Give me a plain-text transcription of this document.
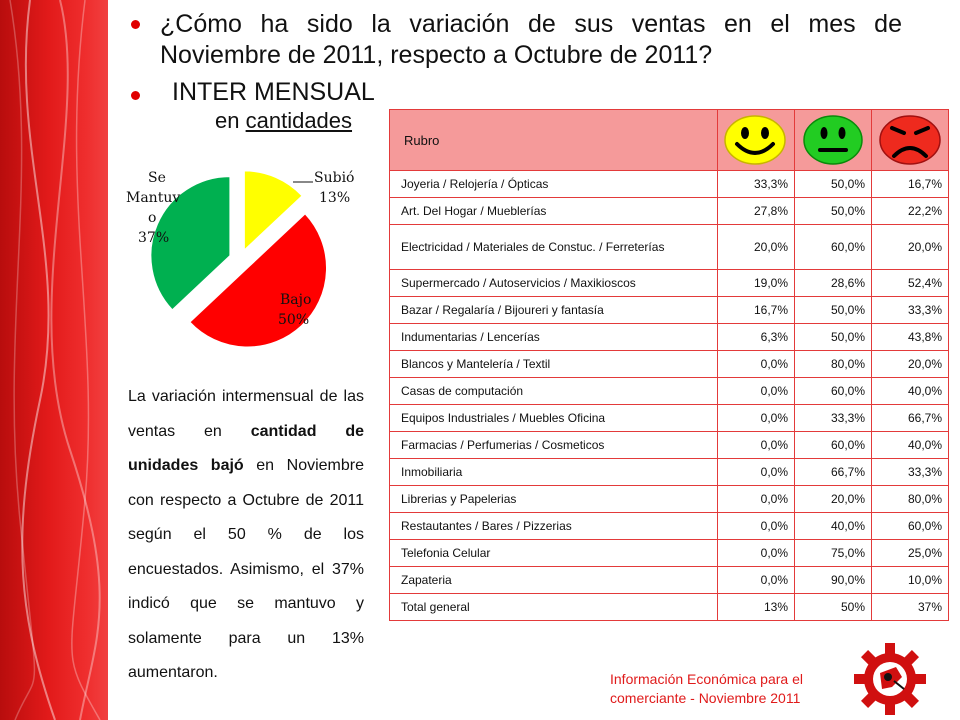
¿Cómo ha sido la variación de sus ventas en el mes de Noviembre de 2011, respecto a Octubre de 2011?
INTER MENSUAL
en cantidades
Subió
13%
Bajo
50%
Se
Mantuv
o
37%
La variación intermensual de las ventas en cantidad de unidades bajó en Noviembre con respecto a Octubre de 2011 según el 50 % de los encuestados. Asimismo, el 37% indicó que se mantuvo y solamente para un 13% aumentaron.
Rubro	

Joyeria / Relojería / Ópticas	33,3%	50,0%	16,7%
Art. Del Hogar / Mueblerías	27,8%	50,0%	22,2%
Electricidad / Materiales de Constuc. / Ferreterías	20,0%	60,0%	20,0%
Supermercado / Autoservicios / Maxikioscos	19,0%	28,6%	52,4%
Bazar / Regalaría / Bijoureri y fantasía	16,7%	50,0%	33,3%
Indumentarias / Lencerías	6,3%	50,0%	43,8%
Blancos y Mantelería / Textil	0,0%	80,0%	20,0%
Casas de computación	0,0%	60,0%	40,0%
Equipos Industriales / Muebles Oficina	0,0%	33,3%	66,7%
Farmacias / Perfumerias / Cosmeticos	0,0%	60,0%	40,0%
Inmobiliaria	0,0%	66,7%	33,3%
Librerias y Papelerias	0,0%	20,0%	80,0%
Restautantes / Bares / Pizzerias	0,0%	40,0%	60,0%
Telefonia Celular	0,0%	75,0%	25,0%
Zapateria	0,0%	90,0%	10,0%
Total general	13%	50%	37%
Información Económica para el
comerciante - Noviembre 2011
